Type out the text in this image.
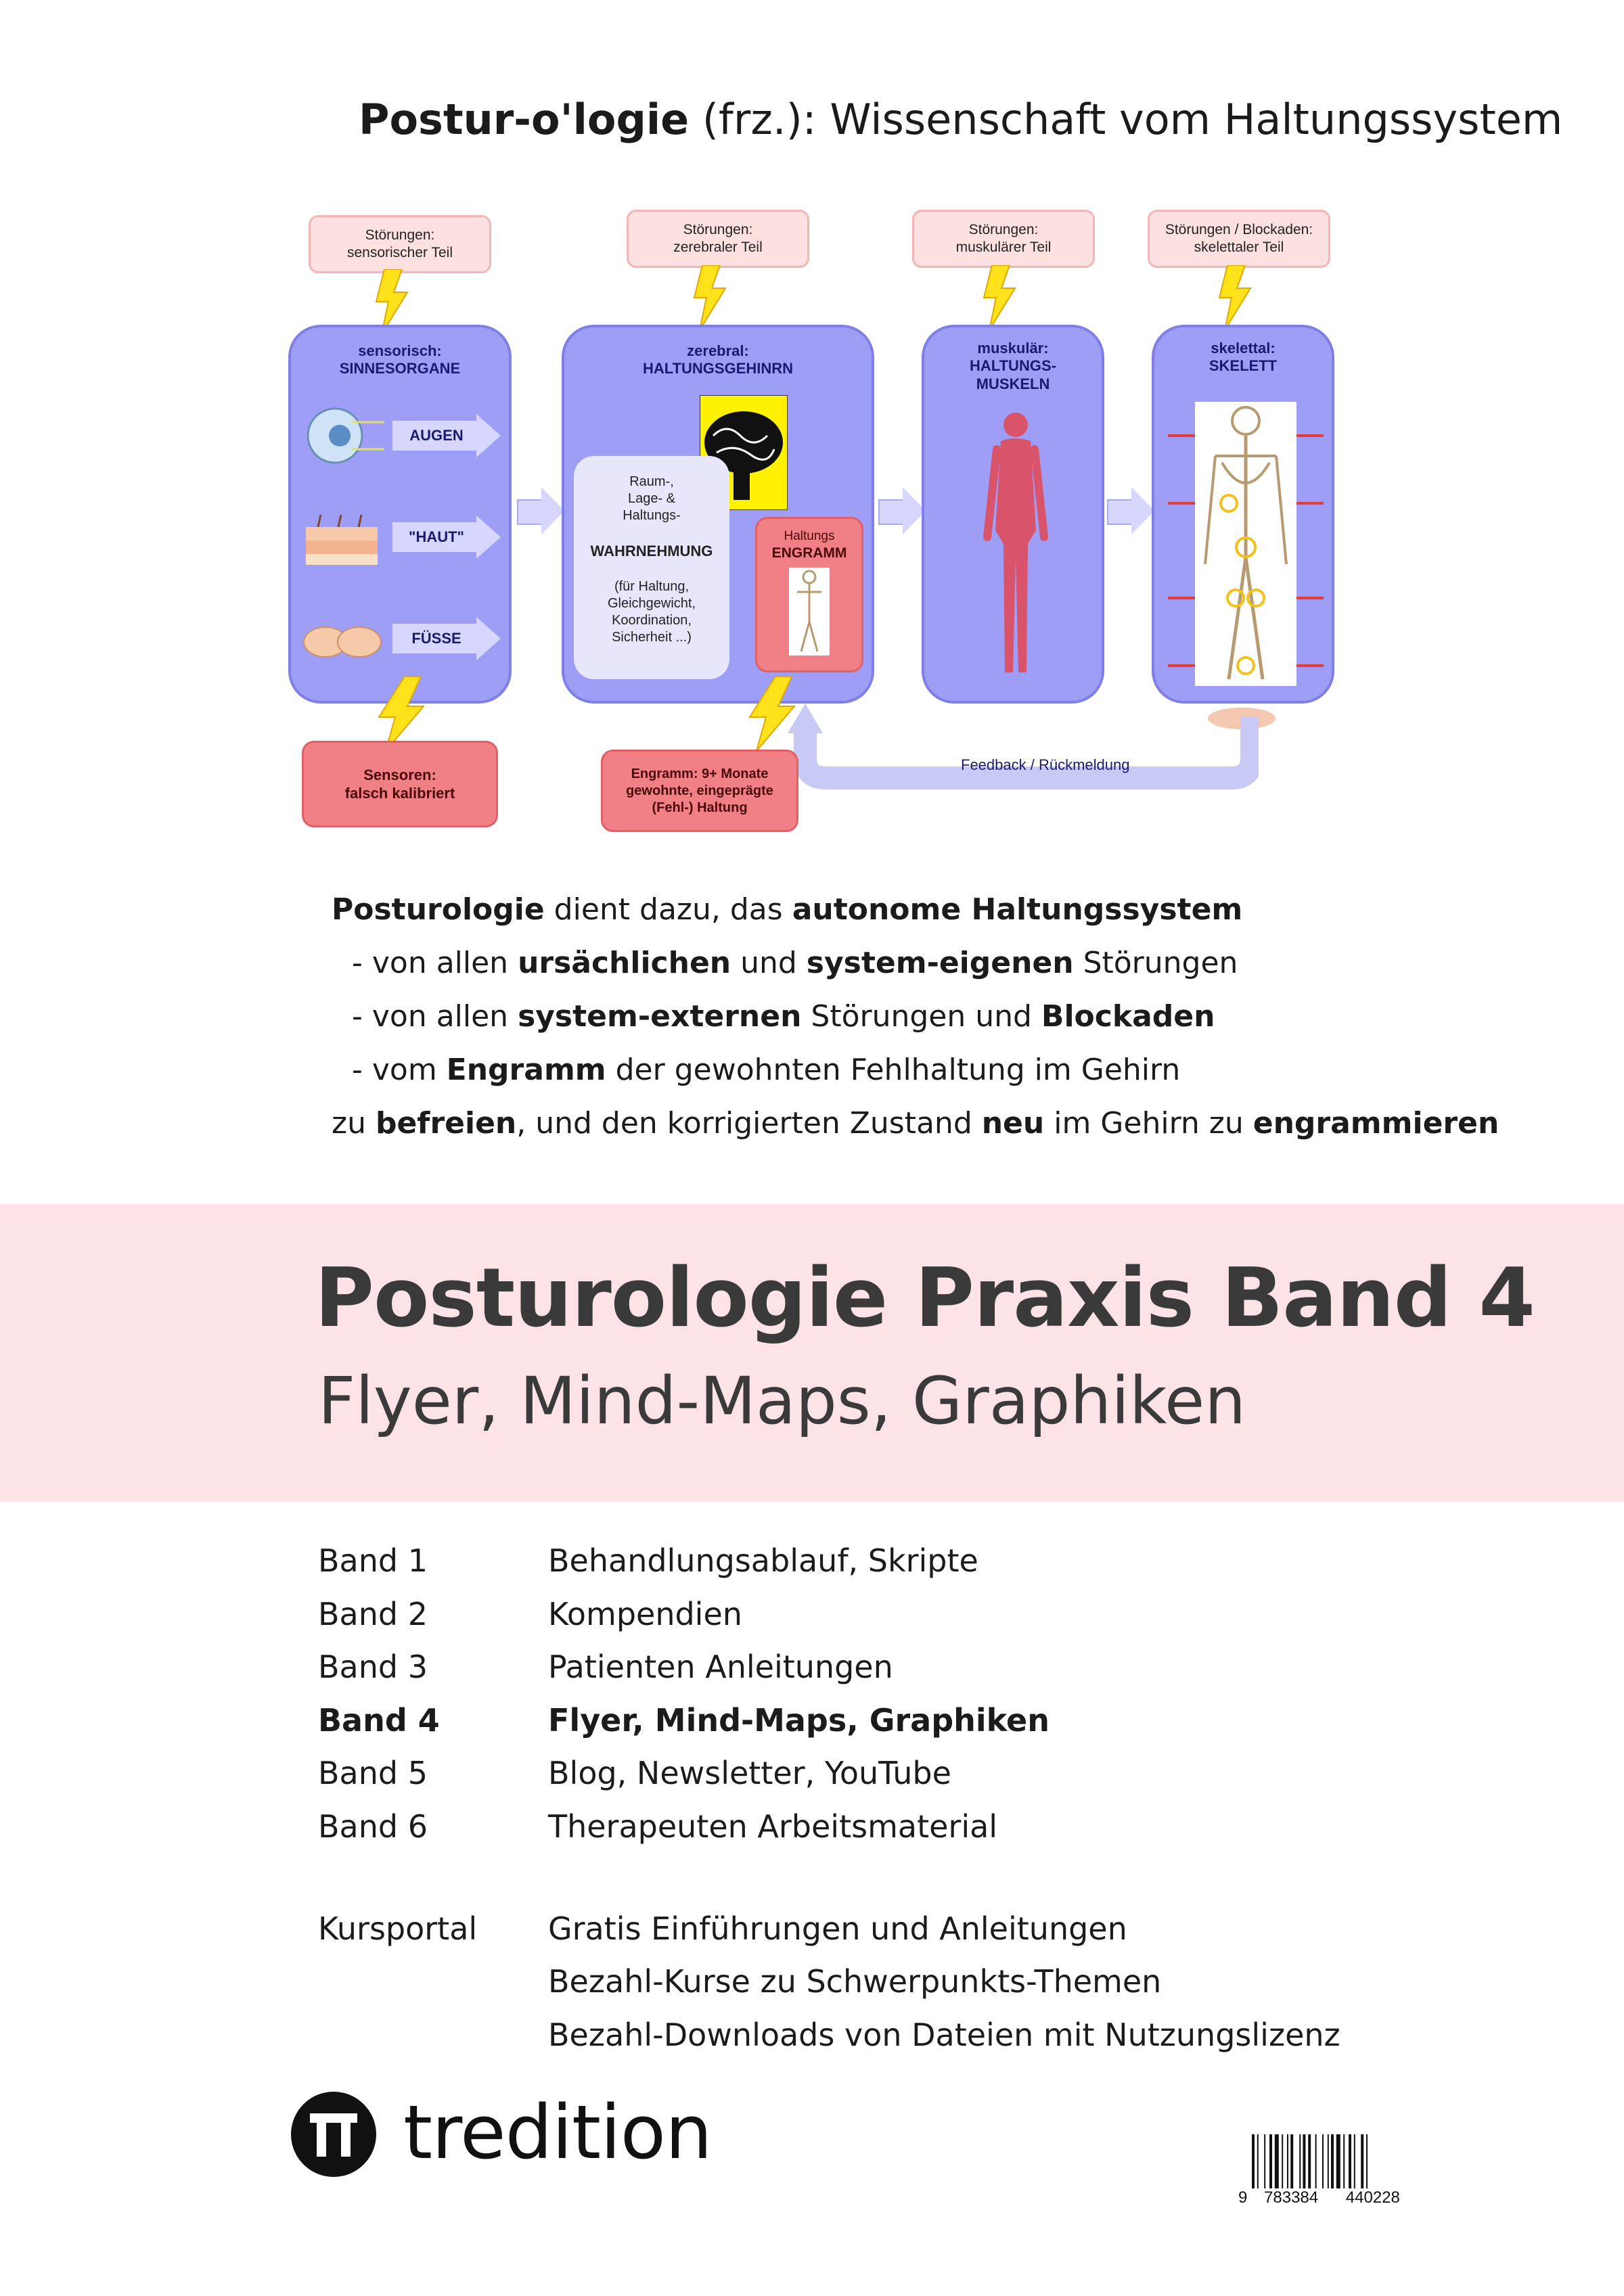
Postur-o'logie (frz.): Wissenschaft vom Haltungssystem
Störungen:
sensorischer Teil
Störungen:
zerebraler Teil
Störungen:
muskulärer Teil
Störungen / Blockaden:
skelettaler Teil
sensorisch:
SINNESORGANE
AUGEN
"HAUT"
FÜSSE
zerebral:
HALTUNGSGEHINRN
Raum-,
Lage- &
Haltungs-
WAHRNEHMUNG
(für Haltung,
Gleichgewicht,
Koordination,
Sicherheit ...)
Haltungs
ENGRAMM
muskulär:
HALTUNGS-
MUSKELN
skelettal:
SKELETT
Feedback / Rückmeldung
Sensoren:
falsch kalibriert
Engramm: 9+ Monate
gewohnte, eingeprägte
(Fehl-) Haltung
Posturologie dient dazu, das autonome Haltungssystem
- von allen ursächlichen und system-eigenen Störungen
- von allen system-externen Störungen und Blockaden
- vom Engramm der gewohnten Fehlhaltung im Gehirn
zu befreien, und den korrigierten Zustand neu im Gehirn zu engrammieren
Posturologie Praxis Band 4
Flyer, Mind-Maps, Graphiken
Band 1	Behandlungsablauf, Skripte
Band 2	Kompendien
Band 3	Patienten Anleitungen
Band 4	Flyer, Mind-Maps, Graphiken
Band 5	Blog, Newsletter, YouTube
Band 6	Therapeuten Arbeitsmaterial
Kursportal	Gratis Einführungen und Anleitungen
Bezahl-Kurse zu Schwerpunkts-Themen
Bezahl-Downloads von Dateien mit Nutzungslizenz
tredition
9 783384 440228
